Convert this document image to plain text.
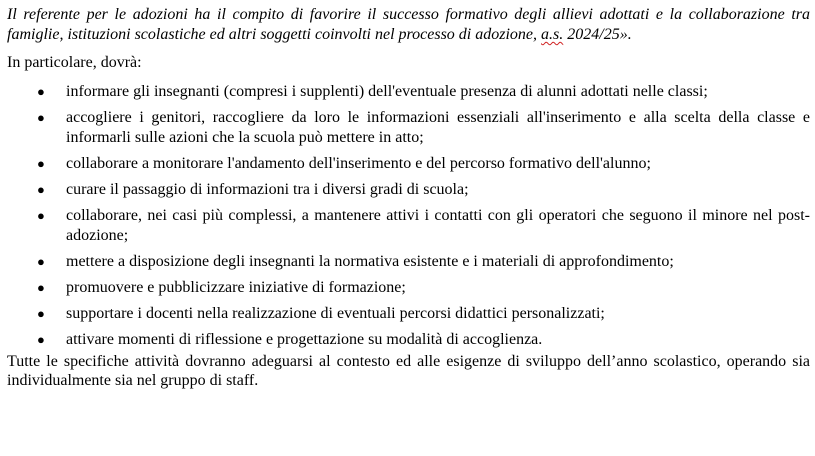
Il referente per le adozioni ha il compito di favorire il successo formativo degli allievi adottati e la collaborazione tra famiglie, istituzioni scolastiche ed altri soggetti coinvolti nel processo di adozione, a.s. 2024/25».

In particolare, dovrà:

● informare gli insegnanti (compresi i supplenti) dell'eventuale presenza di alunni adottati nelle classi;
● accogliere i genitori, raccogliere da loro le informazioni essenziali all'inserimento e alla scelta della classe e informarli sulle azioni che la scuola può mettere in atto;
● collaborare a monitorare l'andamento dell'inserimento e del percorso formativo dell'alunno;
● curare il passaggio di informazioni tra i diversi gradi di scuola;
● collaborare, nei casi più complessi, a mantenere attivi i contatti con gli operatori che seguono il minore nel post-adozione;
● mettere a disposizione degli insegnanti la normativa esistente e i materiali di approfondimento;
● promuovere e pubblicizzare iniziative di formazione;
● supportare i docenti nella realizzazione di eventuali percorsi didattici personalizzati;
● attivare momenti di riflessione e progettazione su modalità di accoglienza.

Tutte le specifiche attività dovranno adeguarsi al contesto ed alle esigenze di sviluppo dell’anno scolastico, operando sia individualmente sia nel gruppo di staff.
